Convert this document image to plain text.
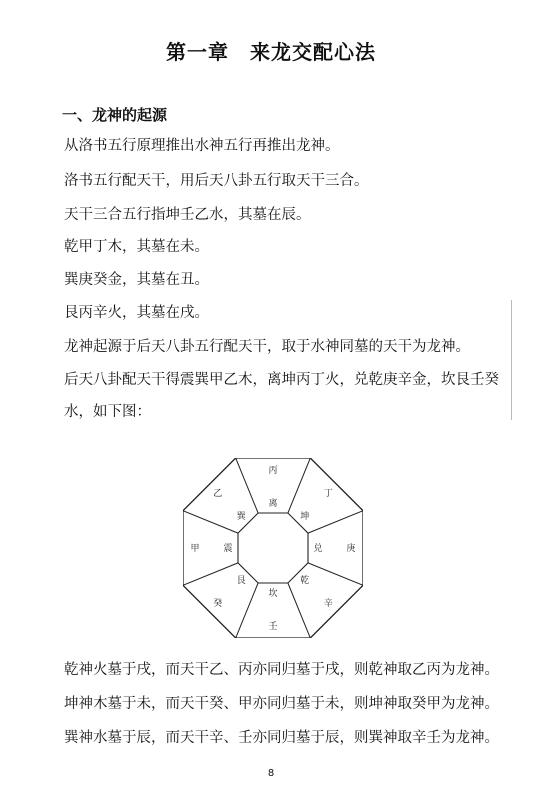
第一章　来龙交配心法
一、龙神的起源
从洛书五行原理推出水神五行再推出龙神。
洛书五行配天干，用后天八卦五行取天干三合。
天干三合五行指坤壬乙水，其墓在辰。
乾甲丁木，其墓在未。
巽庚癸金，其墓在丑。
艮丙辛火，其墓在戌。
龙神起源于后天八卦五行配天干，取于水神同墓的天干为龙神。
后天八卦配天干得震巽甲乙木，离坤丙丁火，兑乾庚辛金，坎艮壬癸
水，如下图：
丙
丁
庚
辛
壬
癸
甲
乙
离
坤
兑
乾
坎
艮
震
巽
乾神火墓于戌，而天干乙、丙亦同归墓于戌，则乾神取乙丙为龙神。
坤神木墓于未，而天干癸、甲亦同归墓于未，则坤神取癸甲为龙神。
巽神水墓于辰，而天干辛、壬亦同归墓于辰，则巽神取辛壬为龙神。
8
